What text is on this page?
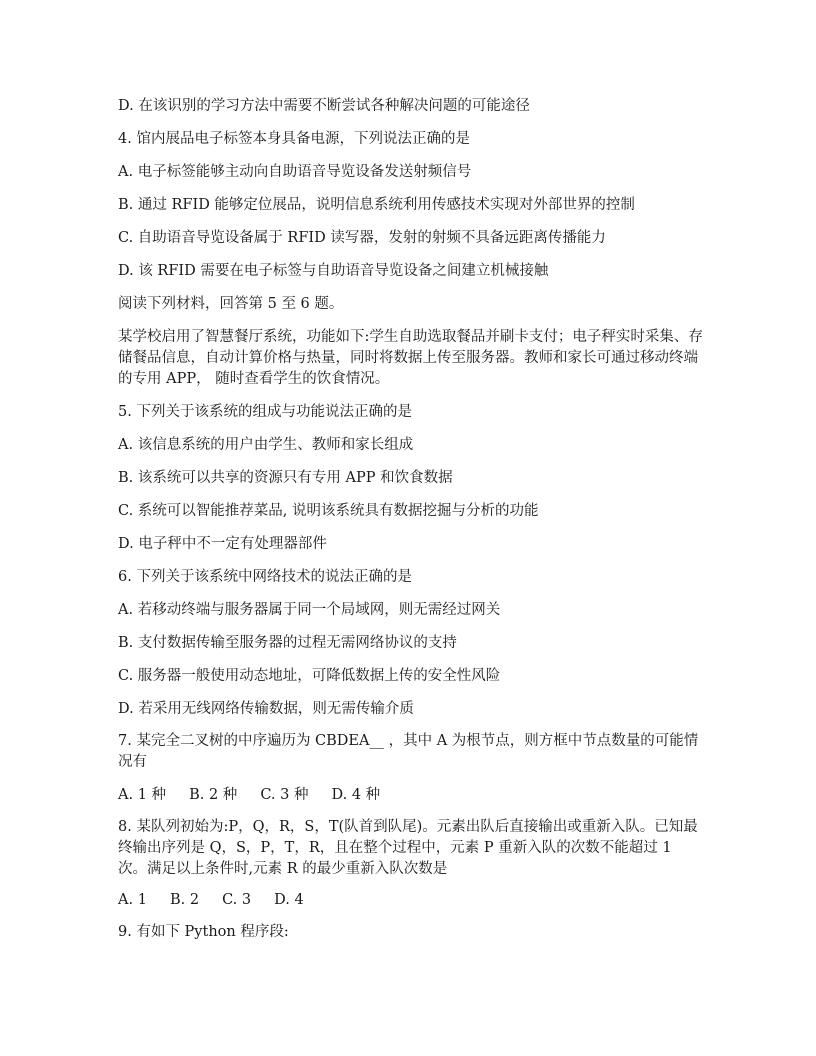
D. 在该识别的学习方法中需要不断尝试各种解决问题的可能途径
4. 馆内展品电子标签本身具备电源，下列说法正确的是
A. 电子标签能够主动向自助语音导览设备发送射频信号
B. 通过 RFID 能够定位展品，说明信息系统利用传感技术实现对外部世界的控制
C. 自助语音导览设备属于 RFID 读写器，发射的射频不具备远距离传播能力
D. 该 RFID 需要在电子标签与自助语音导览设备之间建立机械接触
阅读下列材料，回答第 5 至 6 题。
某学校启用了智慧餐厅系统，功能如下:学生自助选取餐品并刷卡支付；电子秤实时采集、存储餐品信息，自动计算价格与热量，同时将数据上传至服务器。教师和家长可通过移动终端的专用 APP， 随时查看学生的饮食情况。
5. 下列关于该系统的组成与功能说法正确的是
A. 该信息系统的用户由学生、教师和家长组成
B. 该系统可以共享的资源只有专用 APP 和饮食数据
C. 系统可以智能推荐菜品, 说明该系统具有数据挖掘与分析的功能
D. 电子秤中不一定有处理器部件
6. 下列关于该系统中网络技术的说法正确的是
A. 若移动终端与服务器属于同一个局域网，则无需经过网关
B. 支付数据传输至服务器的过程无需网络协议的支持
C. 服务器一般使用动态地址，可降低数据上传的安全性风险
D. 若采用无线网络传输数据，则无需传输介质
7. 某完全二叉树的中序遍历为 CBDEA__ ，其中 A 为根节点，则方框中节点数量的可能情况有
A. 1 种     B. 2 种     C. 3 种     D. 4 种
8. 某队列初始为:P，Q，R，S，T(队首到队尾)。元素出队后直接输出或重新入队。已知最终输出序列是 Q，S，P，T，R，且在整个过程中，元素 P 重新入队的次数不能超过 1 次。满足以上条件时,元素 R 的最少重新入队次数是
A. 1     B. 2     C. 3     D. 4
9. 有如下 Python 程序段:
